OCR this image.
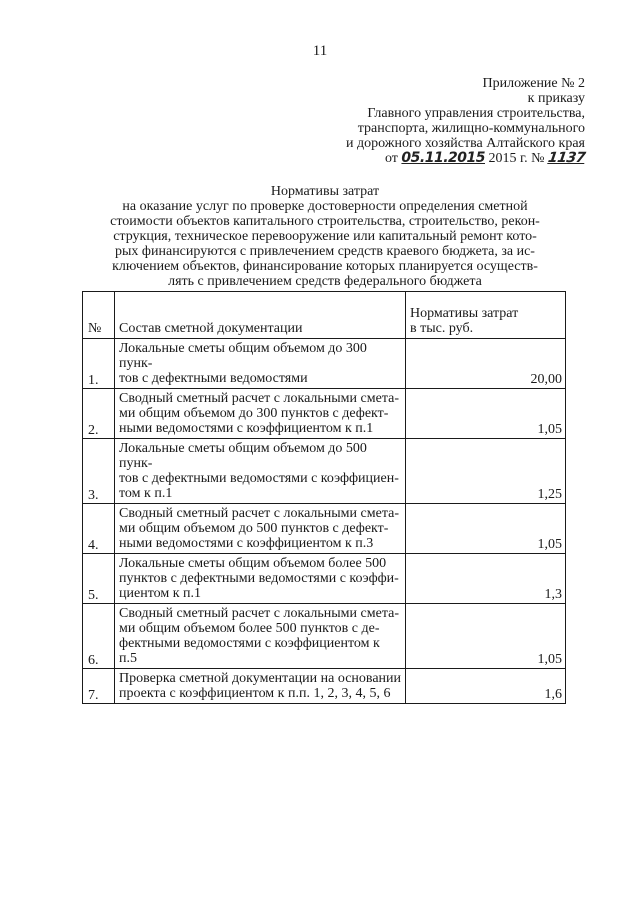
11
Приложение № 2
к приказу
Главного управления строительства,
транспорта, жилищно-коммунального
и дорожного хозяйства Алтайского края
от 05.11.2015 2015 г. № 1137
Нормативы затрат
на оказание услуг по проверке достоверности определения сметной
стоимости объектов капитального строительства, строительство, рекон-
струкция, техническое перевооружение или капитальный ремонт кото-
рых финансируются с привлечением средств краевого бюджета, за ис-
ключением объектов, финансирование которых планируется осуществ-
лять с привлечением средств федерального бюджета
№	Состав сметной документации	Нормативы затрат
в тыс. руб.

1.	Локальные сметы общим объемом до 300 пунк-
тов с дефектными ведомостями	20,00
2.	Сводный сметный расчет с локальными смета-
ми общим объемом до 300 пунктов с дефект-
ными ведомостями с коэффициентом к п.1	1,05
3.	Локальные сметы общим объемом до 500 пунк-
тов с дефектными ведомостями с коэффициен-
том к п.1	1,25
4.	Сводный сметный расчет с локальными смета-
ми общим объемом до 500 пунктов с дефект-
ными ведомостями с коэффициентом к п.3	1,05
5.	Локальные сметы общим объемом более 500
пунктов с дефектными ведомостями с коэффи-
циентом к п.1	1,3
6.	Сводный сметный расчет с локальными смета-
ми общим объемом более 500 пунктов с де-
фектными ведомостями с коэффициентом к п.5	1,05
7.	Проверка сметной документации на основании
проекта с коэффициентом к п.п. 1, 2, 3, 4, 5, 6	1,6
